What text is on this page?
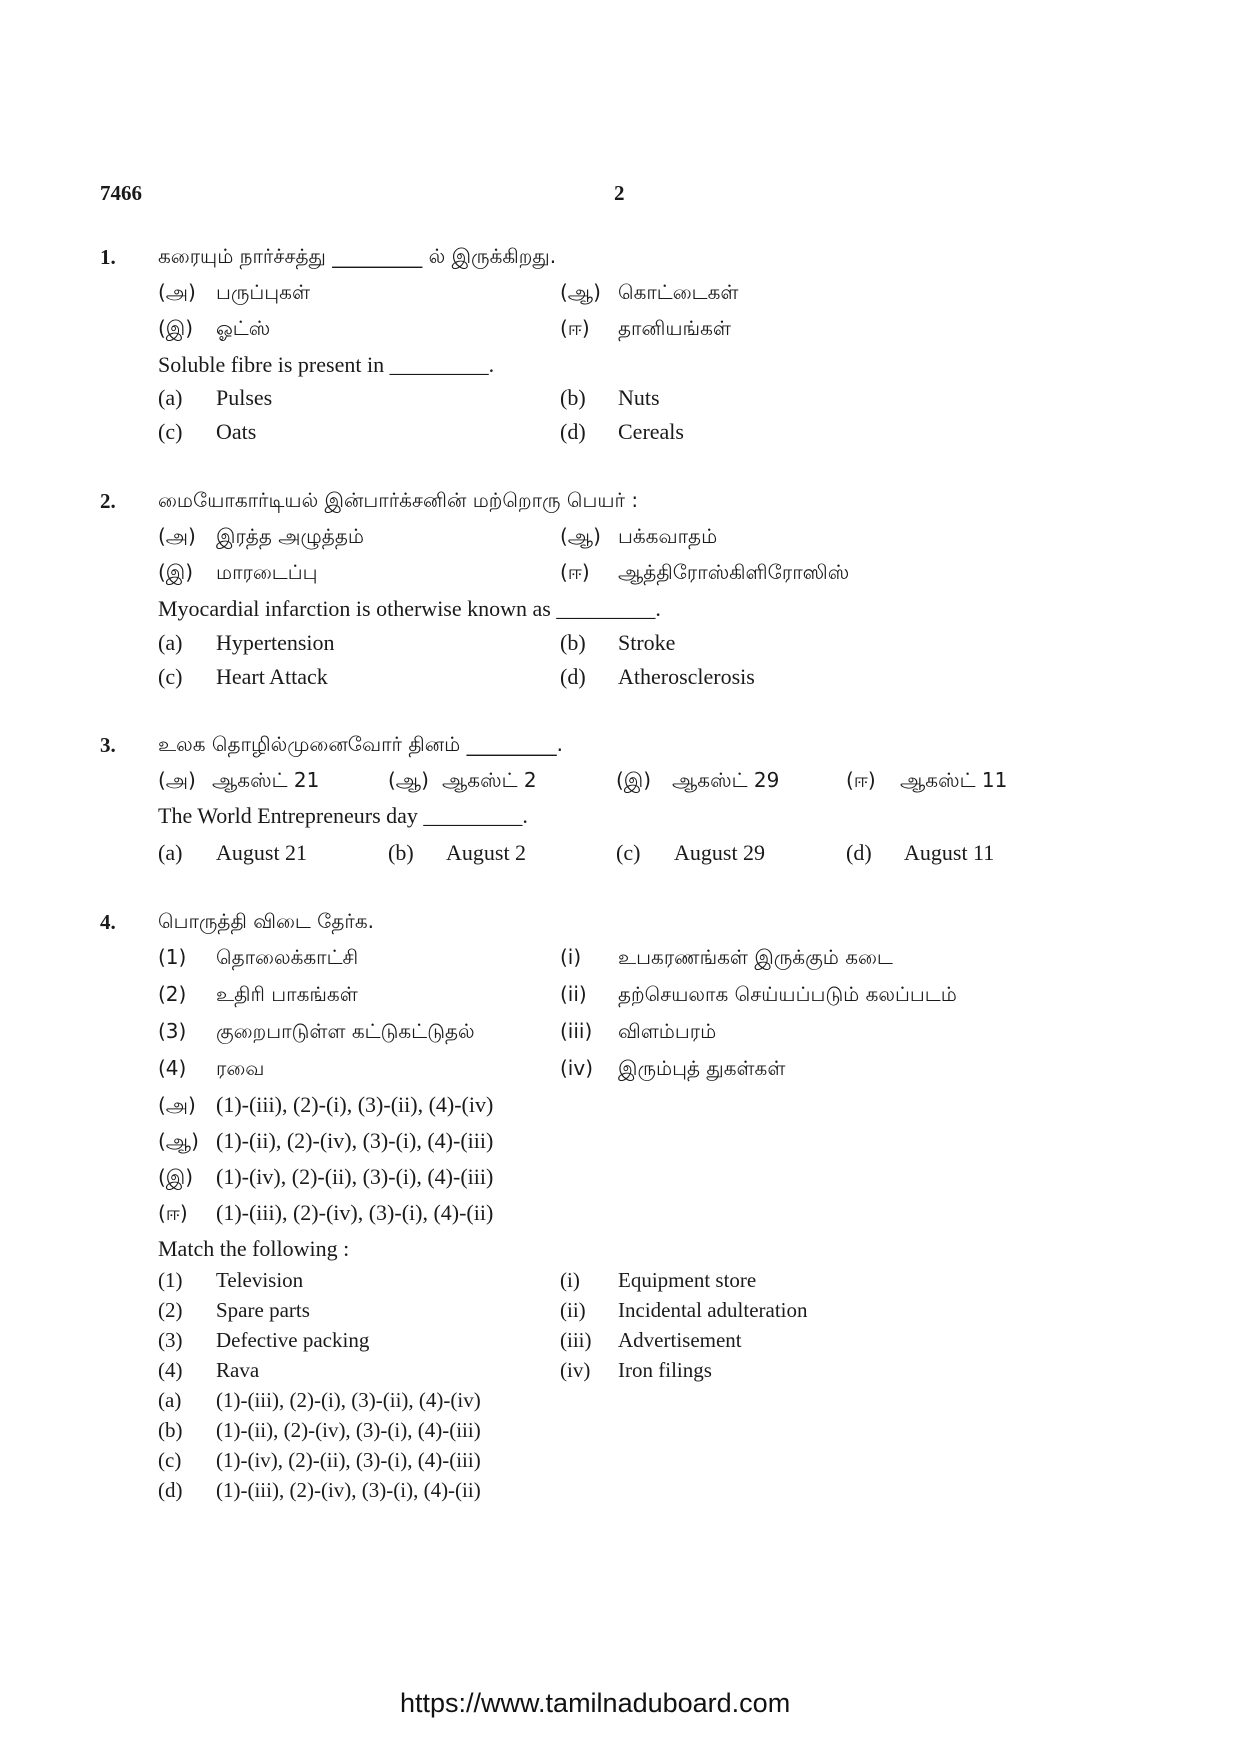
7466	2
1. கரையும் நார்ச்சத்து _________ ல் இருக்கிறது.
(அ) பருப்புகள்	(ஆ) கொட்டைகள்
(இ) ஓட்ஸ்	(ஈ) தானியங்கள்
Soluble fibre is present in _________.
(a) Pulses	(b) Nuts
(c) Oats	(d) Cereals
2. மையோகார்டியல் இன்பார்க்சனின் மற்றொரு பெயர் :
(அ) இரத்த அழுத்தம்	(ஆ) பக்கவாதம்
(இ) மாரடைப்பு	(ஈ) ஆத்திரோஸ்கிளிரோஸிஸ்
Myocardial infarction is otherwise known as _________.
(a) Hypertension	(b) Stroke
(c) Heart Attack	(d) Atherosclerosis
3. உலக தொழில்முனைவோர் தினம் _________.
(அ) ஆகஸ்ட் 21	(ஆ) ஆகஸ்ட் 2	(இ) ஆகஸ்ட் 29	(ஈ) ஆகஸ்ட் 11
The World Entrepreneurs day _________.
(a) August 21	(b) August 2	(c) August 29	(d) August 11
4. பொருத்தி விடை தேர்க.
(1) தொலைக்காட்சி	(i) உபகரணங்கள் இருக்கும் கடை
(2) உதிரி பாகங்கள்	(ii) தற்செயலாக செய்யப்படும் கலப்படம்
(3) குறைபாடுள்ள கட்டுகட்டுதல்	(iii) விளம்பரம்
(4) ரவை	(iv) இரும்புத் துகள்கள்
(அ) (1)-(iii), (2)-(i), (3)-(ii), (4)-(iv)
(ஆ) (1)-(ii), (2)-(iv), (3)-(i), (4)-(iii)
(இ) (1)-(iv), (2)-(ii), (3)-(i), (4)-(iii)
(ஈ) (1)-(iii), (2)-(iv), (3)-(i), (4)-(ii)
Match the following :
(1) Television	(i) Equipment store
(2) Spare parts	(ii) Incidental adulteration
(3) Defective packing	(iii) Advertisement
(4) Rava	(iv) Iron filings
(a) (1)-(iii), (2)-(i), (3)-(ii), (4)-(iv)
(b) (1)-(ii), (2)-(iv), (3)-(i), (4)-(iii)
(c) (1)-(iv), (2)-(ii), (3)-(i), (4)-(iii)
(d) (1)-(iii), (2)-(iv), (3)-(i), (4)-(ii)
https://www.tamilnaduboard.com
